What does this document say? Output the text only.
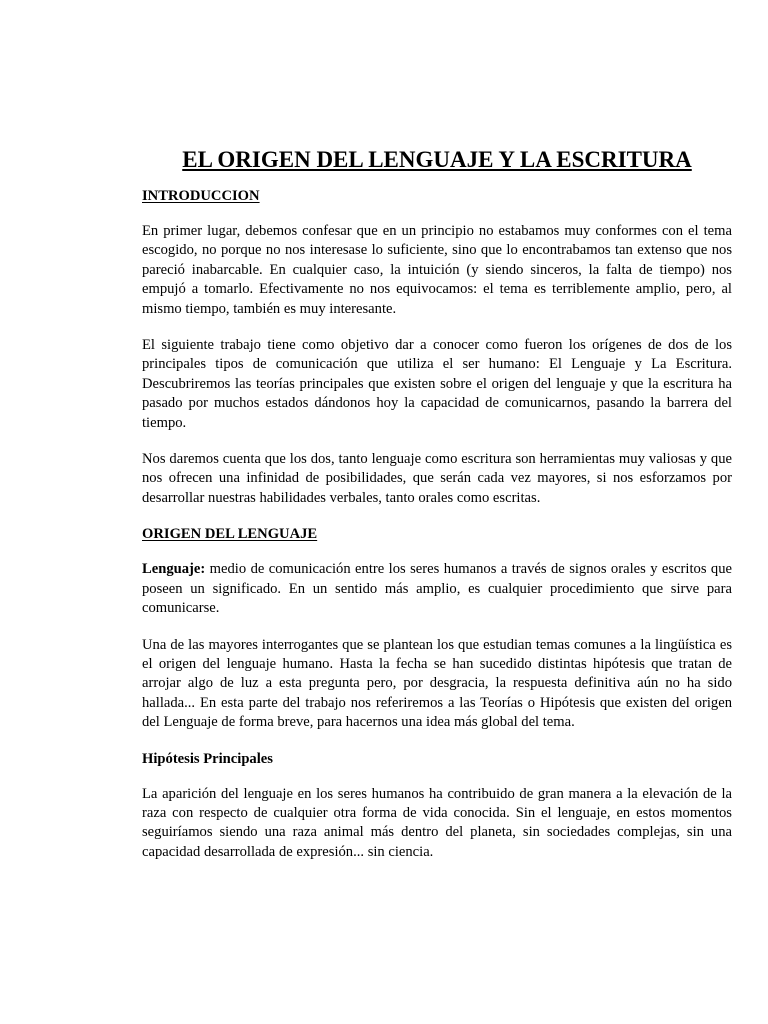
EL ORIGEN DEL LENGUAJE Y LA ESCRITURA
INTRODUCCION

En primer lugar, debemos confesar que en un principio no estabamos muy conformes con el tema escogido, no porque no nos interesase lo suficiente, sino que lo encontrabamos tan extenso que nos pareció inabarcable. En cualquier caso, la intuición (y siendo sinceros, la falta de tiempo) nos empujó a tomarlo. Efectivamente no nos equivocamos: el tema es terriblemente amplio, pero, al mismo tiempo, también es muy interesante.

El siguiente trabajo tiene como objetivo dar a conocer como fueron los orígenes de dos de los principales tipos de comunicación que utiliza el ser humano: El Lenguaje y La Escritura. Descubriremos las teorías principales que existen sobre el origen del lenguaje y que la escritura ha pasado por muchos estados dándonos hoy la capacidad de comunicarnos, pasando la barrera del tiempo.

Nos daremos cuenta que los dos, tanto lenguaje como escritura son herramientas muy valiosas y que nos ofrecen una infinidad de posibilidades, que serán cada vez mayores, si nos esforzamos por desarrollar nuestras habilidades verbales, tanto orales como escritas.

ORIGEN DEL LENGUAJE

Lenguaje: medio de comunicación entre los seres humanos a través de signos orales y escritos que poseen un significado. En un sentido más amplio, es cualquier procedimiento que sirve para comunicarse.

Una de las mayores interrogantes que se plantean los que estudian temas comunes a la lingüística es el origen del lenguaje humano. Hasta la fecha se han sucedido distintas hipótesis que tratan de arrojar algo de luz a esta pregunta pero, por desgracia, la respuesta definitiva aún no ha sido hallada... En esta parte del trabajo nos referiremos a las Teorías o Hipótesis que existen del origen del Lenguaje de forma breve, para hacernos una idea más global del tema.

Hipótesis Principales

La aparición del lenguaje en los seres humanos ha contribuido de gran manera a la elevación de la raza con respecto de cualquier otra forma de vida conocida. Sin el lenguaje, en estos momentos seguiríamos siendo una raza animal más dentro del planeta, sin sociedades complejas, sin una capacidad desarrollada de expresión... sin ciencia.
